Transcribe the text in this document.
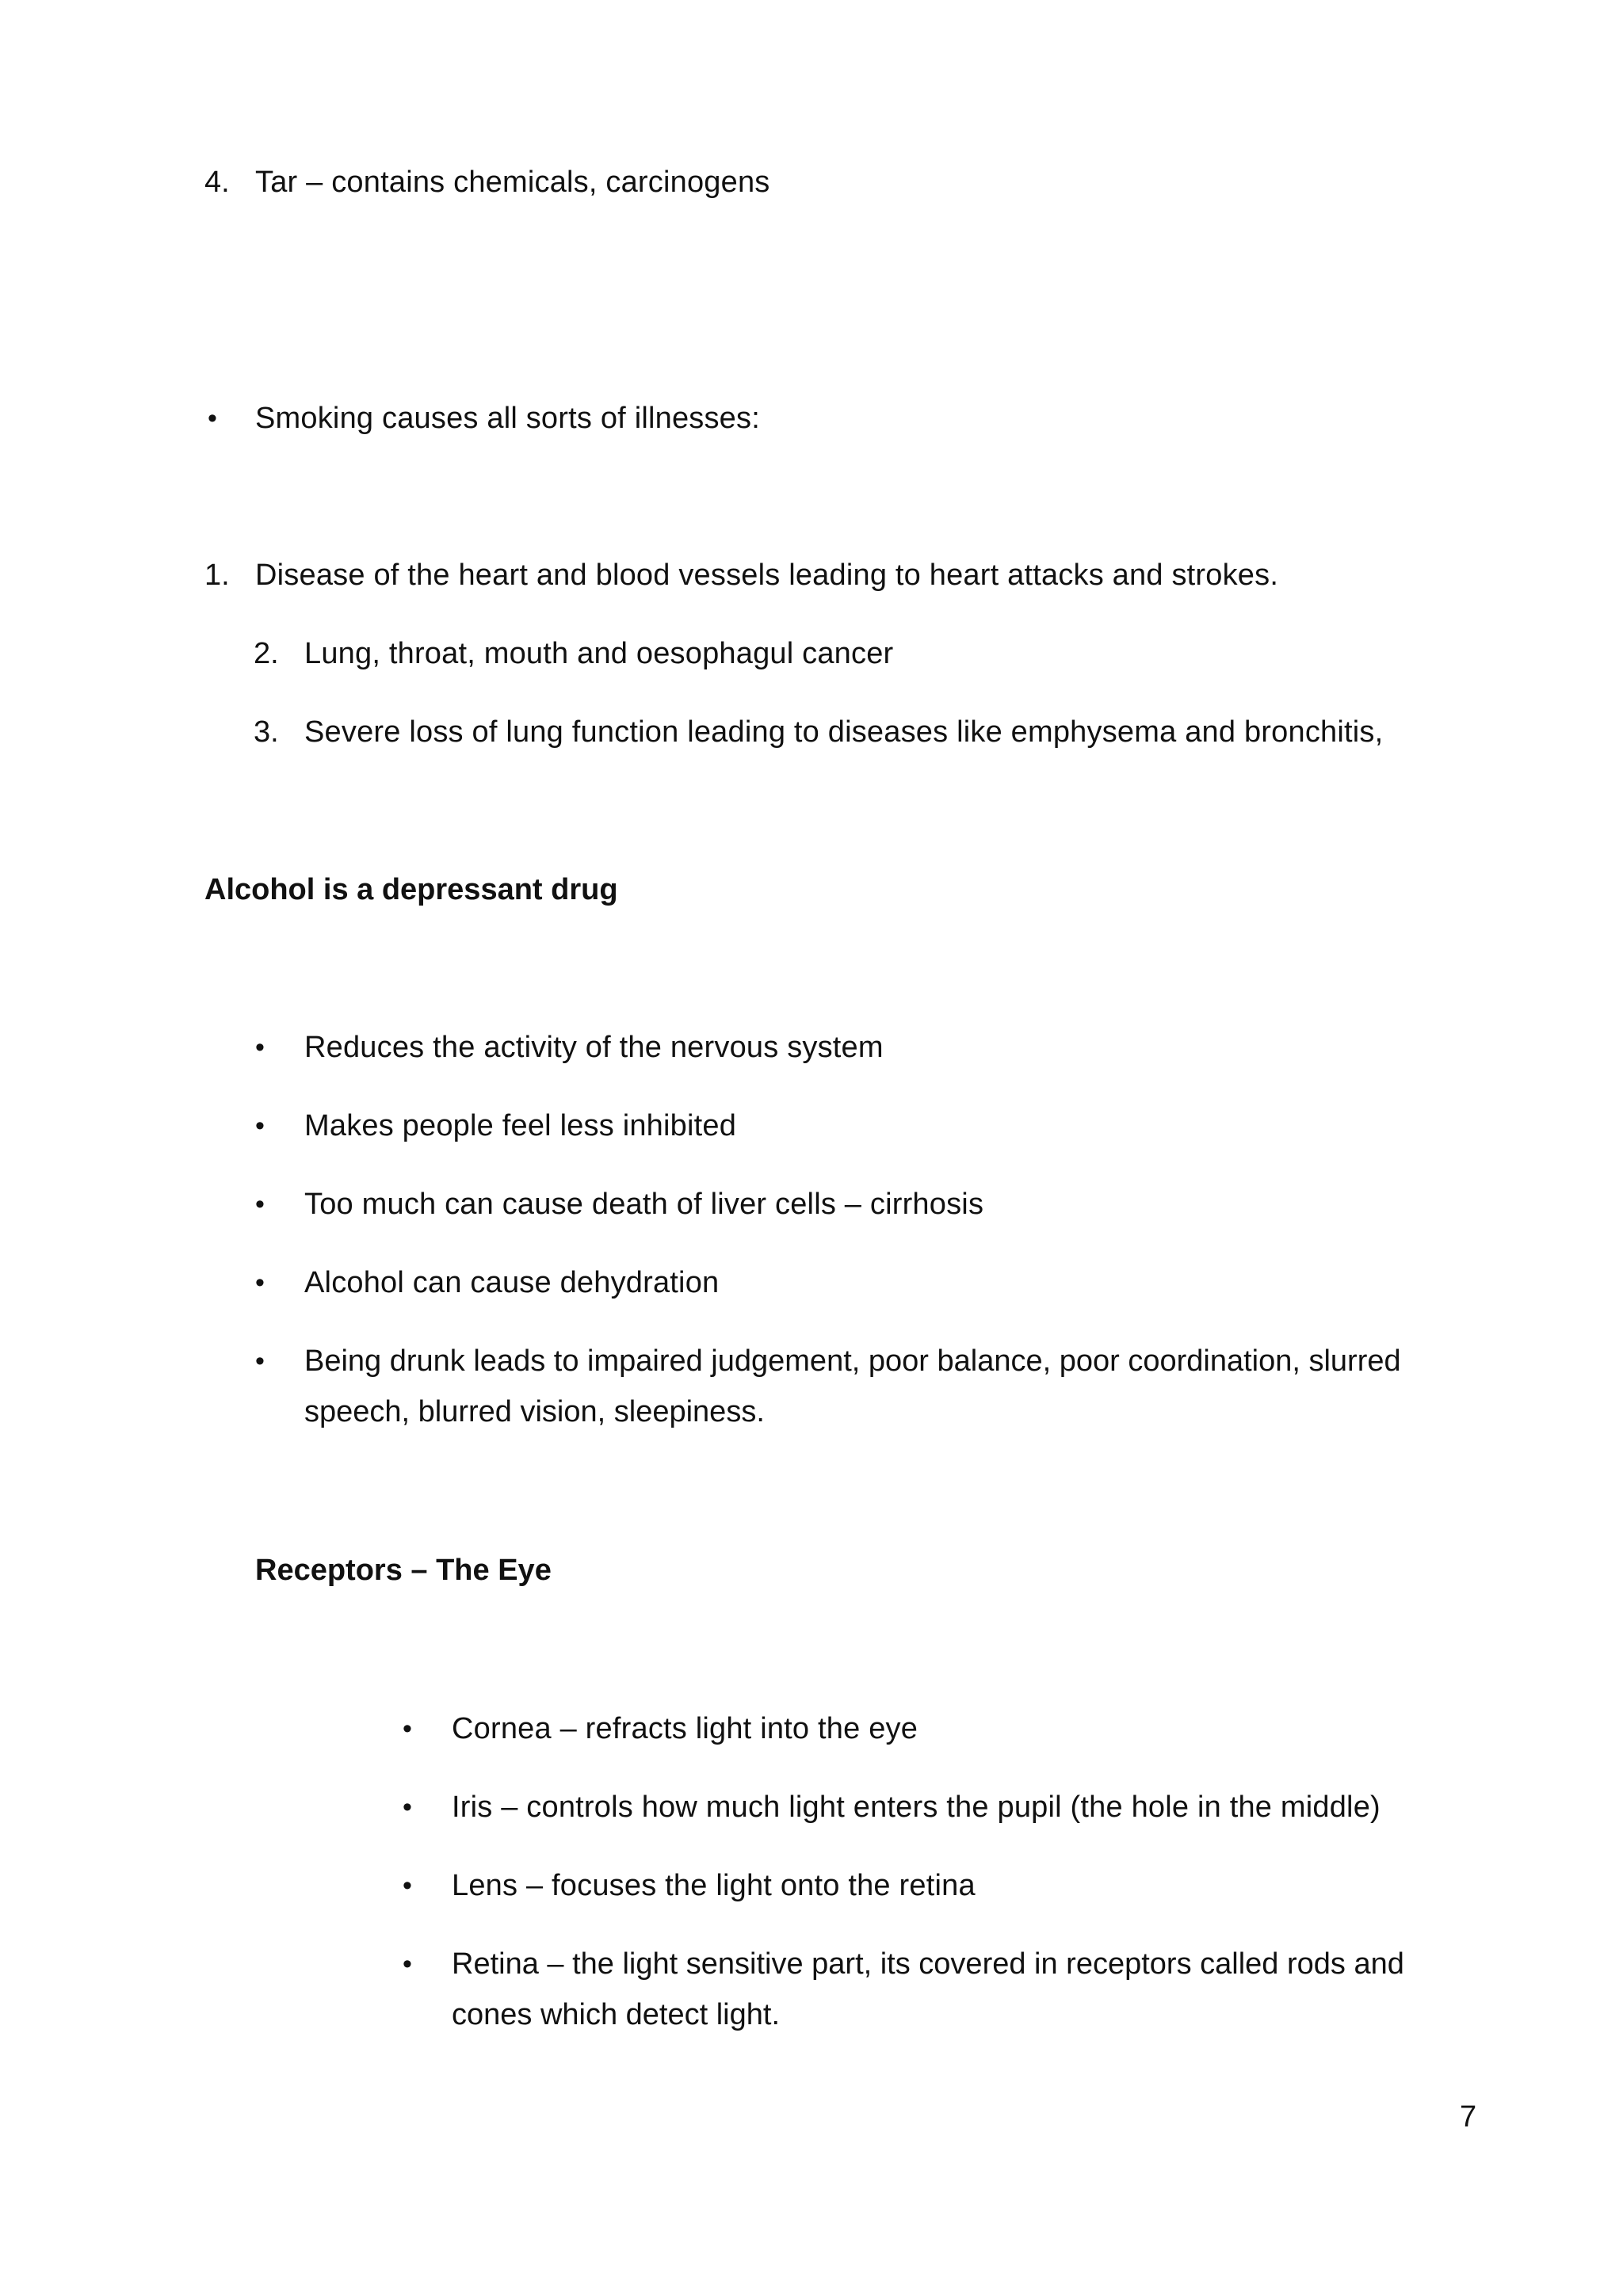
4. Tar – contains chemicals, carcinogens
• Smoking causes all sorts of illnesses:
1. Disease of the heart and blood vessels leading to heart attacks and strokes.
2. Lung, throat, mouth and oesophagul cancer
3. Severe loss of lung function leading to diseases like emphysema and bronchitis,
Alcohol is a depressant drug
• Reduces the activity of the nervous system
• Makes people feel less inhibited
• Too much can cause death of liver cells – cirrhosis
• Alcohol can cause dehydration
• Being drunk leads to impaired judgement, poor balance, poor coordination, slurred speech, blurred vision, sleepiness.
Receptors – The Eye
• Cornea – refracts light into the eye
• Iris – controls how much light enters the pupil (the hole in the middle)
• Lens – focuses the light onto the retina
• Retina – the light sensitive part, its covered in receptors called rods and cones which detect light.
7
